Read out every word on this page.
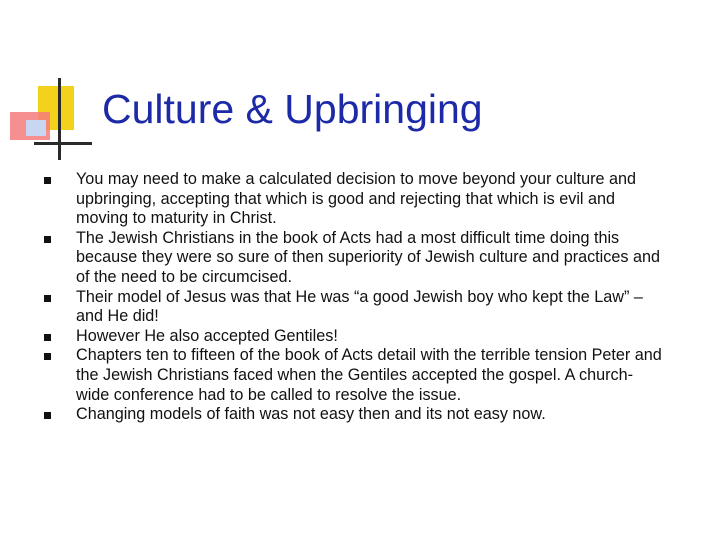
Culture & Upbringing
You may need to make a calculated decision to move beyond your culture and upbringing, accepting that which is good and rejecting that which is evil and moving to maturity in Christ.
The Jewish Christians in the book of Acts had a most difficult time doing this because they were so sure of then superiority of Jewish culture and practices and of the need to be circumcised.
Their model of Jesus was that He was “a good Jewish boy who kept the Law” – and He did!
However He also accepted Gentiles!
Chapters ten to fifteen of the book of Acts detail with the terrible tension Peter and the Jewish Christians faced when the Gentiles accepted the gospel. A church-wide conference had to be called to resolve the issue.
Changing models of faith was not easy then and its not easy now.
